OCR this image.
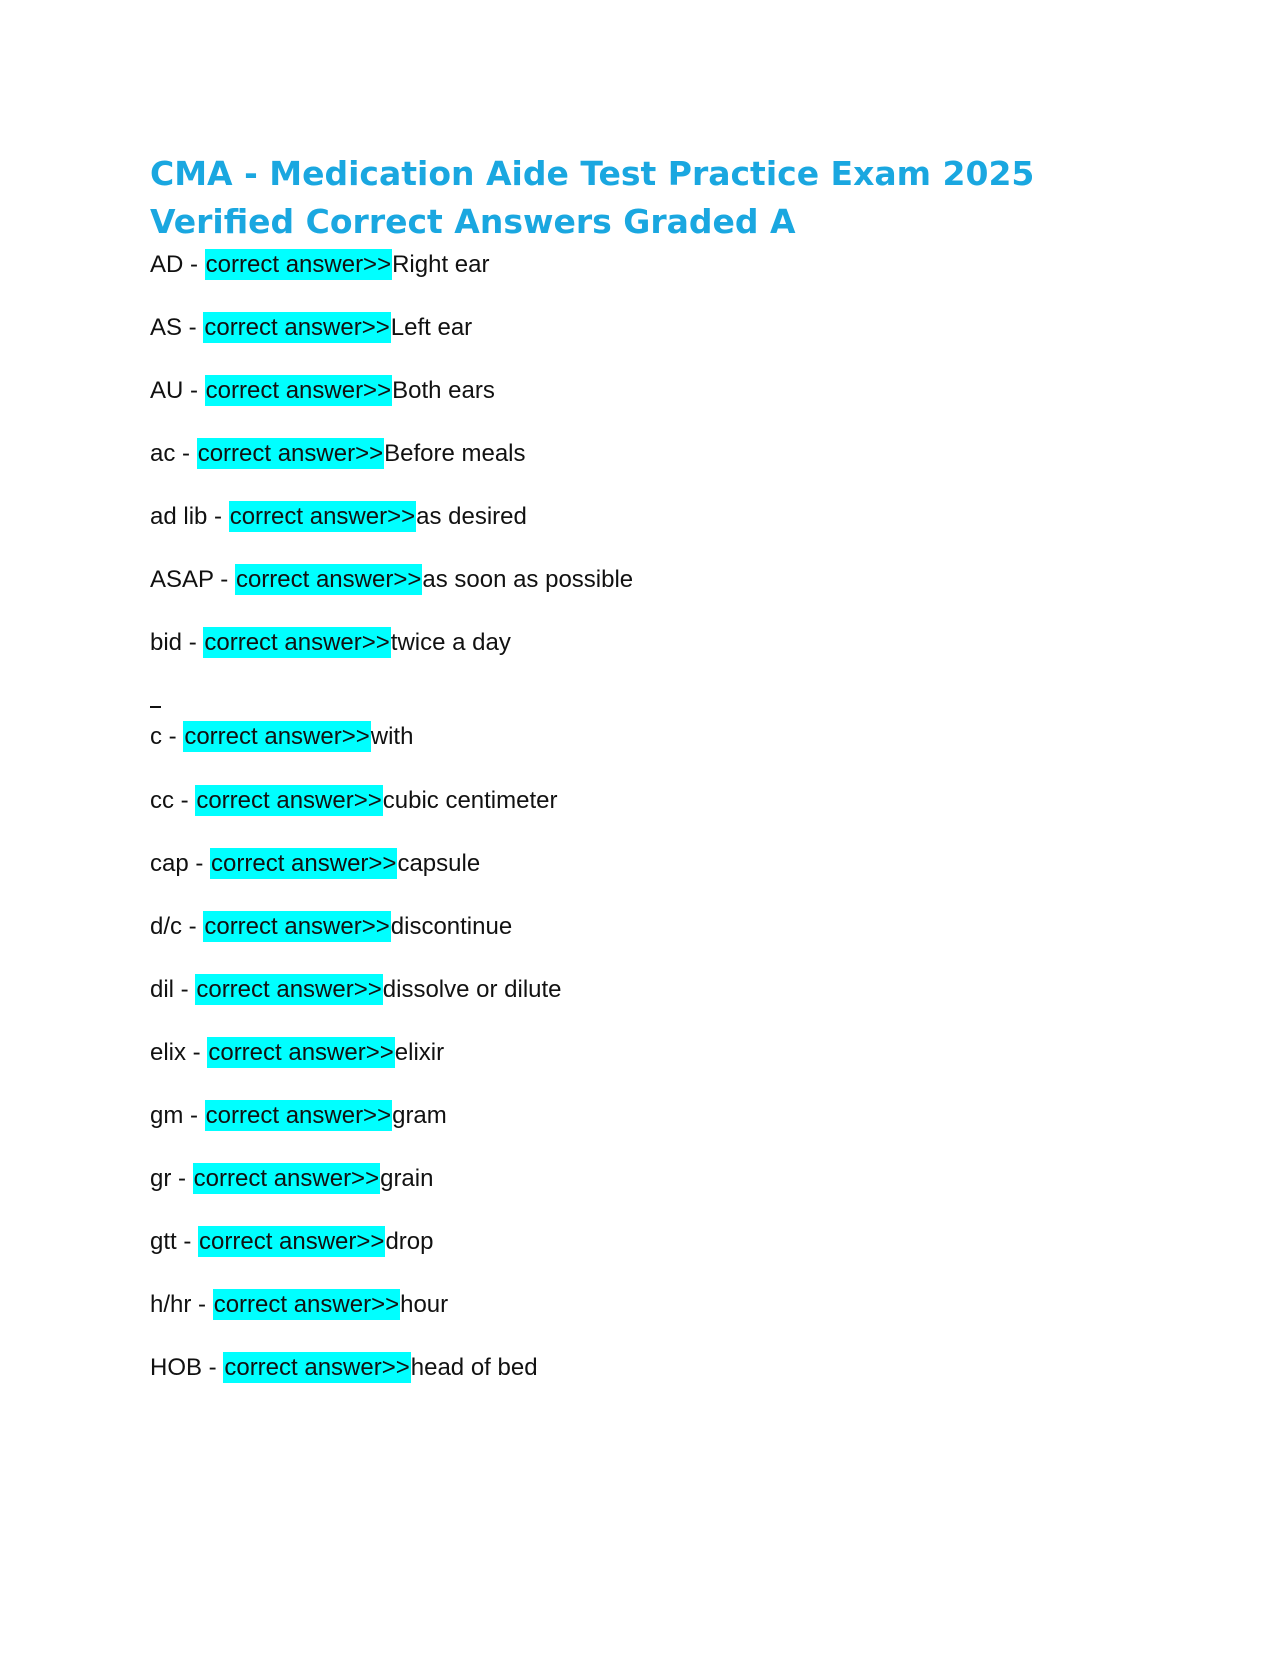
CMA - Medication Aide Test Practice Exam 2025 Verified Correct Answers Graded A
AD - correct answer>>Right ear
AS - correct answer>>Left ear
AU - correct answer>>Both ears
ac - correct answer>>Before meals
ad lib - correct answer>>as desired
ASAP - correct answer>>as soon as possible
bid - correct answer>>twice a day
c - correct answer>>with
cc - correct answer>>cubic centimeter
cap - correct answer>>capsule
d/c - correct answer>>discontinue
dil - correct answer>>dissolve or dilute
elix - correct answer>>elixir
gm - correct answer>>gram
gr - correct answer>>grain
gtt - correct answer>>drop
h/hr - correct answer>>hour
HOB - correct answer>>head of bed
